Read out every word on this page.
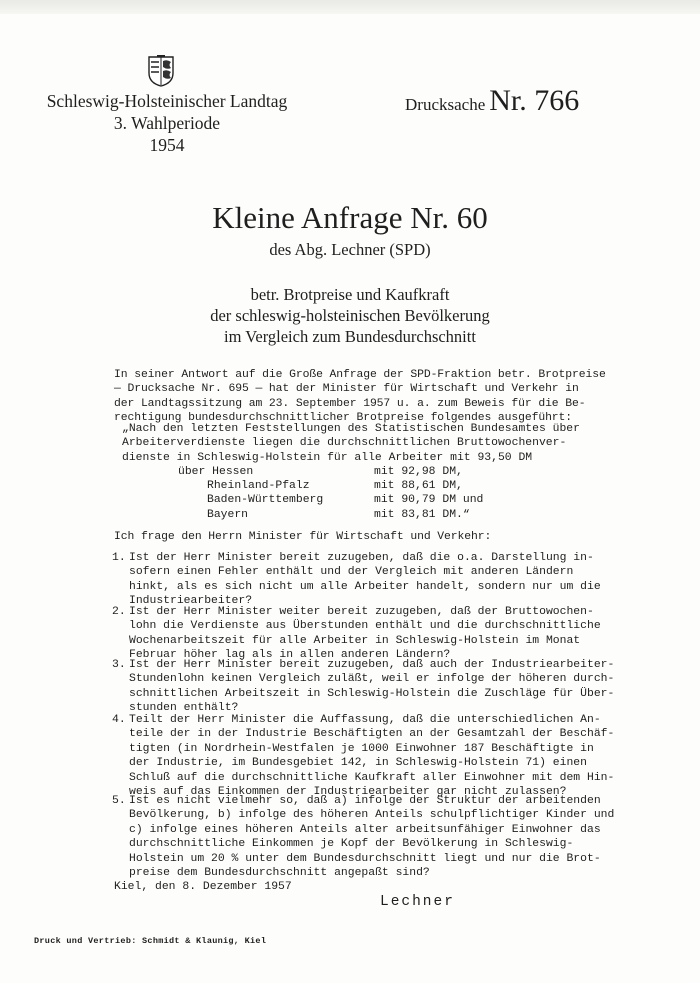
Schleswig-Holsteinischer Landtag
3. Wahlperiode
1954
Drucksache Nr. 766
Kleine Anfrage Nr. 60
des Abg. Lechner (SPD)
betr. Brotpreise und Kaufkraft
der schleswig-holsteinischen Bevölkerung
im Vergleich zum Bundesdurchschnitt
In seiner Antwort auf die Große Anfrage der SPD-Fraktion betr. Brotpreise
— Drucksache Nr. 695 — hat der Minister für Wirtschaft und Verkehr in
der Landtagssitzung am 23. September 1957 u. a. zum Beweis für die Be-
rechtigung bundesdurchschnittlicher Brotpreise folgendes ausgeführt:
„Nach den letzten Feststellungen des Statistischen Bundesamtes über
Arbeiterverdienste liegen die durchschnittlichen Bruttowochenver-
dienste in Schleswig-Holstein für alle Arbeiter mit 93,50 DM
über Hessen	mit 92,98 DM,
Rheinland-Pfalz	mit 88,61 DM,
Baden-Württemberg	mit 90,79 DM und
Bayern	mit 83,81 DM.“
Ich frage den Herrn Minister für Wirtschaft und Verkehr:
1. Ist der Herr Minister bereit zuzugeben, daß die o.a. Darstellung in-
sofern einen Fehler enthält und der Vergleich mit anderen Ländern
hinkt, als es sich nicht um alle Arbeiter handelt, sondern nur um die
Industriearbeiter?
2. Ist der Herr Minister weiter bereit zuzugeben, daß der Bruttowochen-
lohn die Verdienste aus Überstunden enthält und die durchschnittliche
Wochenarbeitszeit für alle Arbeiter in Schleswig-Holstein im Monat
Februar höher lag als in allen anderen Ländern?
3. Ist der Herr Minister bereit zuzugeben, daß auch der Industriearbeiter-
Stundenlohn keinen Vergleich zuläßt, weil er infolge der höheren durch-
schnittlichen Arbeitszeit in Schleswig-Holstein die Zuschläge für Über-
stunden enthält?
4. Teilt der Herr Minister die Auffassung, daß die unterschiedlichen An-
teile der in der Industrie Beschäftigten an der Gesamtzahl der Beschäf-
tigten (in Nordrhein-Westfalen je 1000 Einwohner 187 Beschäftigte in
der Industrie, im Bundesgebiet 142, in Schleswig-Holstein 71) einen
Schluß auf die durchschnittliche Kaufkraft aller Einwohner mit dem Hin-
weis auf das Einkommen der Industriearbeiter gar nicht zulassen?
5. Ist es nicht vielmehr so, daß a) infolge der Struktur der arbeitenden
Bevölkerung, b) infolge des höheren Anteils schulpflichtiger Kinder und
c) infolge eines höheren Anteils alter arbeitsunfähiger Einwohner das
durchschnittliche Einkommen je Kopf der Bevölkerung in Schleswig-
Holstein um 20 % unter dem Bundesdurchschnitt liegt und nur die Brot-
preise dem Bundesdurchschnitt angepaßt sind?
Kiel, den 8. Dezember 1957
Lechner
Druck und Vertrieb: Schmidt & Klaunig, Kiel
